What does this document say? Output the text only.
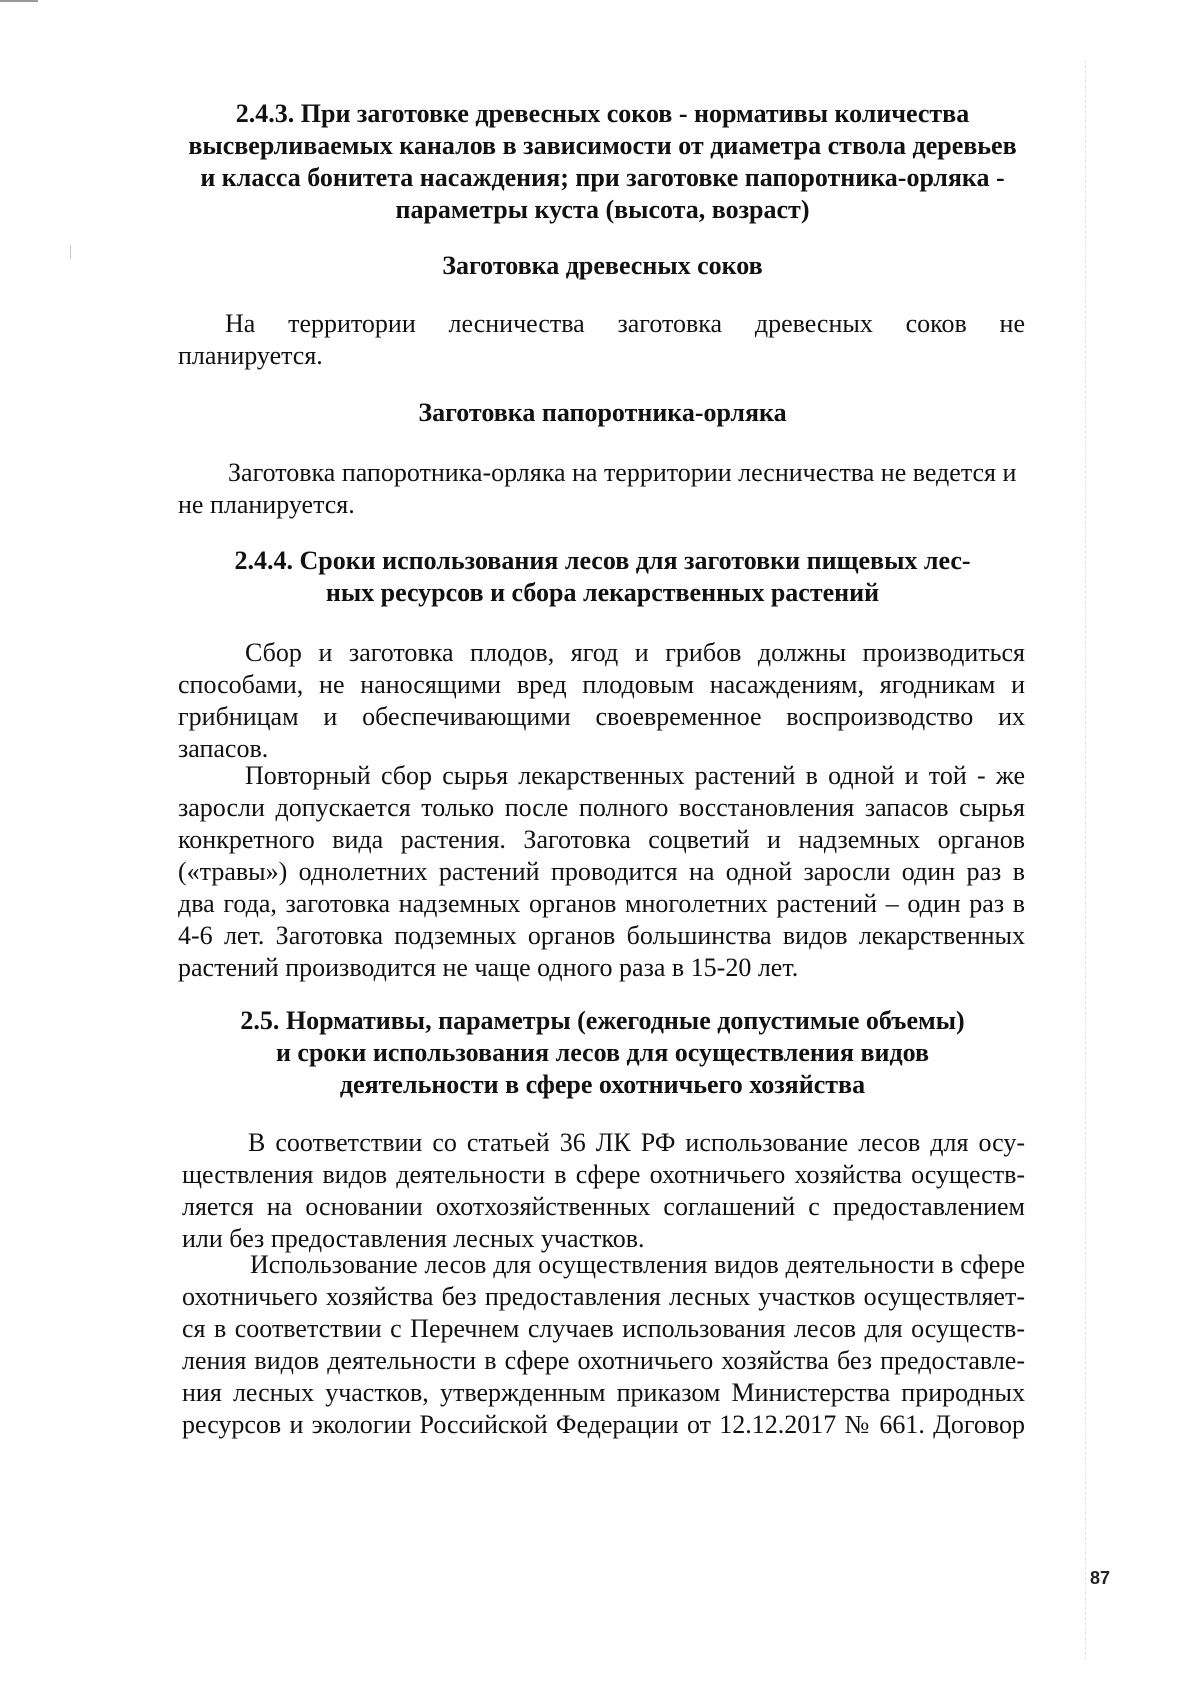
2.4.3. При заготовке древесных соков - нормативы количества
высверливаемых каналов в зависимости от диаметра ствола деревьев
и класса бонитета насаждения; при заготовке папоротника-орляка -
параметры куста (высота, возраст)
Заготовка древесных соков

На территории лесничества заготовка древесных соков не

планируется.

Заготовка папоротника-орляка

Заготовка папоротника-орляка на территории лесничества не ведется и

не планируется.

2.4.4. Сроки использования лесов для заготовки пищевых лес-
ных ресурсов и сбора лекарственных растений

Сбор и заготовка плодов, ягод и грибов должны производиться

способами, не наносящими вред плодовым насаждениям, ягодникам и

грибницам и обеспечивающими своевременное воспроизводство их

запасов.

Повторный сбор сырья лекарственных растений в одной и той - же

заросли допускается только после полного восстановления запасов сырья

конкретного вида растения. Заготовка соцветий и надземных органов

(«травы») однолетних растений проводится на одной заросли один раз в

два года, заготовка надземных органов многолетних растений – один раз в

4-6 лет. Заготовка подземных органов большинства видов лекарственных

растений производится не чаще одного раза в 15-20 лет.

2.5. Нормативы, параметры (ежегодные допустимые объемы)
и сроки использования лесов для осуществления видов
деятельности в сфере охотничьего хозяйства

В соответствии со статьей 36 ЛК РФ использование лесов для осу-

ществления видов деятельности в сфере охотничьего хозяйства осуществ-

ляется на основании охотхозяйственных соглашений с предоставлением

или без предоставления лесных участков.

Использование лесов для осуществления видов деятельности в сфере

охотничьего хозяйства без предоставления лесных участков осуществляет-

ся в соответствии с Перечнем случаев использования лесов для осуществ-

ления видов деятельности в сфере охотничьего хозяйства без предоставле-

ния лесных участков, утвержденным приказом Министерства природных

ресурсов и экологии Российской Федерации от 12.12.2017 № 661. Договор

87
